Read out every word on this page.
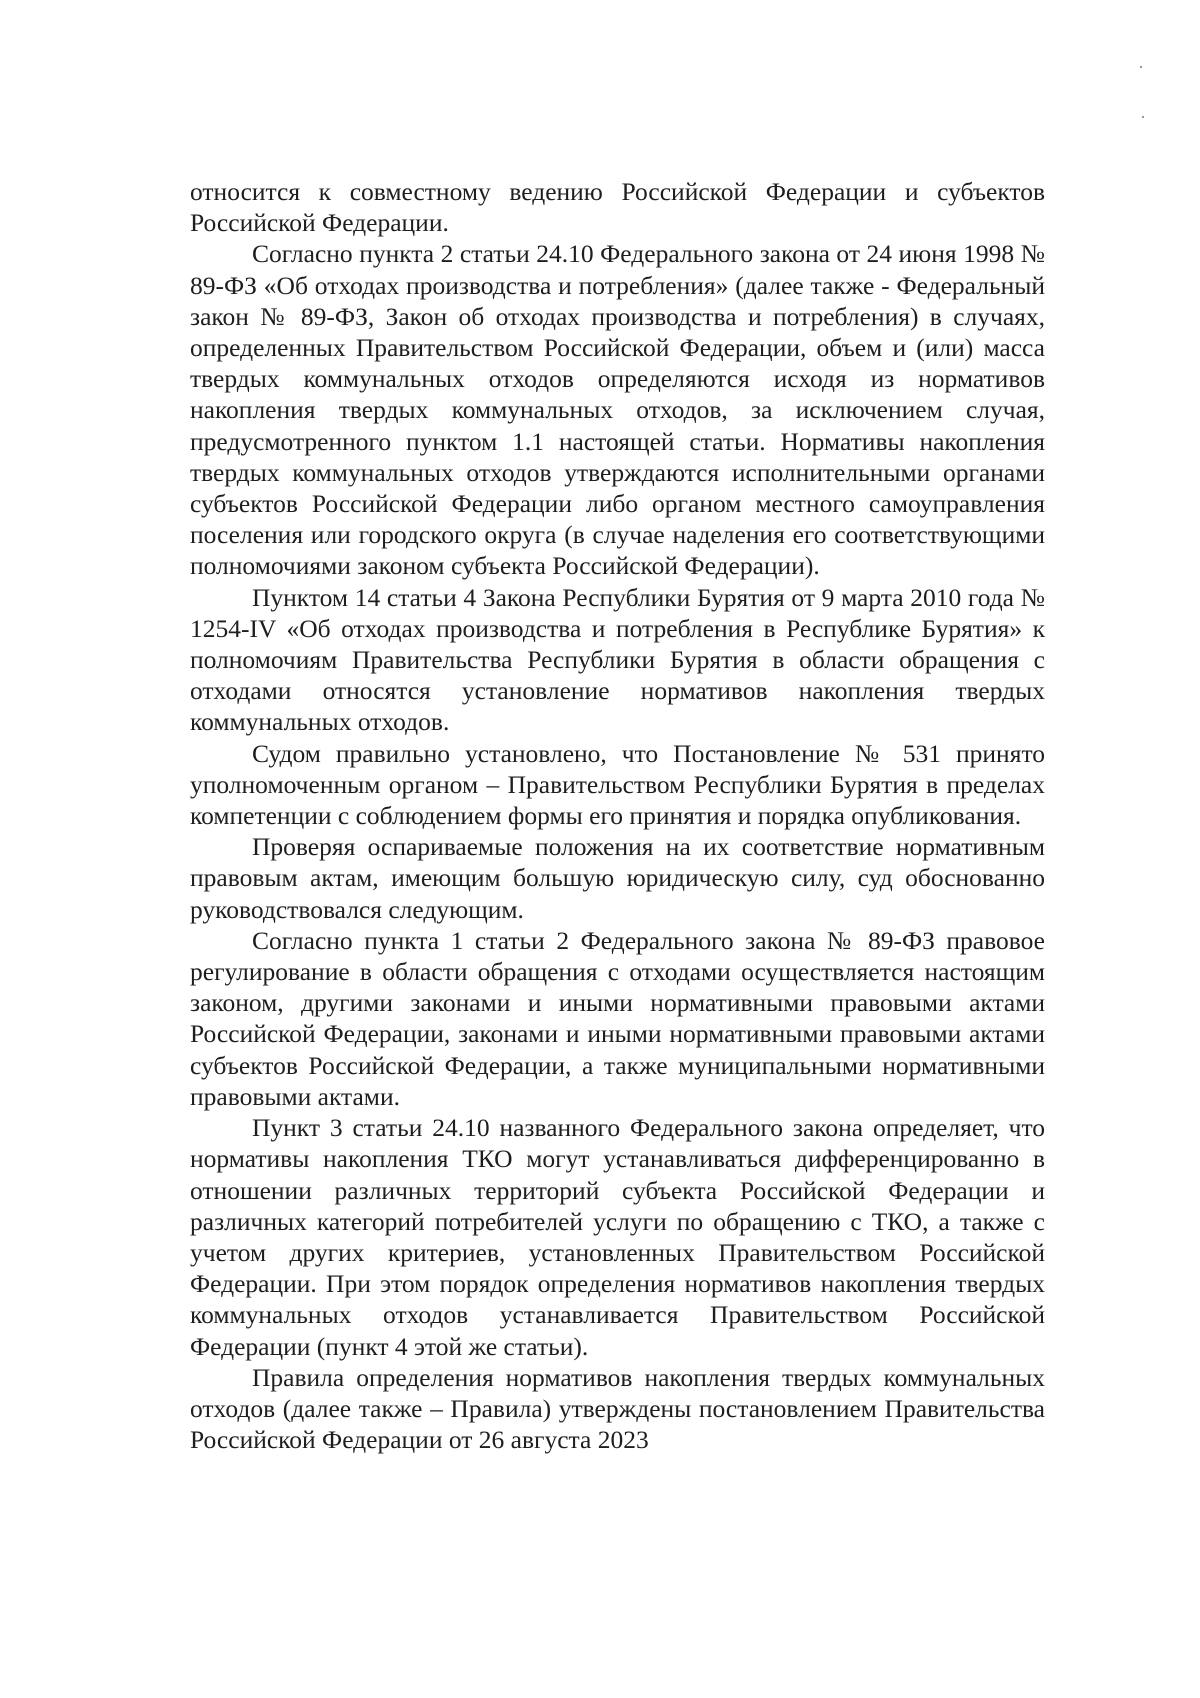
относится к совместному ведению Российской Федерации и субъектов Российской Федерации.

Согласно пункта 2 статьи 24.10 Федерального закона от 24 июня 1998 № 89-ФЗ «Об отходах производства и потребления» (далее также - Федеральный закон № 89-ФЗ, Закон об отходах производства и потребления) в случаях, определенных Правительством Российской Федерации, объем и (или) масса твердых коммунальных отходов определяются исходя из нормативов накопления твердых коммунальных отходов, за исключением случая, предусмотренного пунктом 1.1 настоящей статьи. Нормативы накопления твердых коммунальных отходов утверждаются исполнительными органами субъектов Российской Федерации либо органом местного самоуправления поселения или городского округа (в случае наделения его соответствующими полномочиями законом субъекта Российской Федерации).

Пунктом 14 статьи 4 Закона Республики Бурятия от 9 марта 2010 года № 1254-IV «Об отходах производства и потребления в Республике Бурятия» к полномочиям Правительства Республики Бурятия в области обращения с отходами относятся установление нормативов накопления твердых коммунальных отходов.

Судом правильно установлено, что Постановление № 531 принято уполномоченным органом – Правительством Республики Бурятия в пределах компетенции с соблюдением формы его принятия и порядка опубликования.

Проверяя оспариваемые положения на их соответствие нормативным правовым актам, имеющим большую юридическую силу, суд обоснованно руководствовался следующим.

Согласно пункта 1 статьи 2 Федерального закона № 89-ФЗ правовое регулирование в области обращения с отходами осуществляется настоящим законом, другими законами и иными нормативными правовыми актами Российской Федерации, законами и иными нормативными правовыми актами субъектов Российской Федерации, а также муниципальными нормативными правовыми актами.

Пункт 3 статьи 24.10 названного Федерального закона определяет, что нормативы накопления ТКО могут устанавливаться дифференцированно в отношении различных территорий субъекта Российской Федерации и различных категорий потребителей услуги по обращению с ТКО, а также с учетом других критериев, установленных Правительством Российской Федерации. При этом порядок определения нормативов накопления твердых коммунальных отходов устанавливается Правительством Российской Федерации (пункт 4 этой же статьи).

Правила определения нормативов накопления твердых коммунальных отходов (далее также – Правила) утверждены постановлением Правительства Российской Федерации от 26 августа 2023
